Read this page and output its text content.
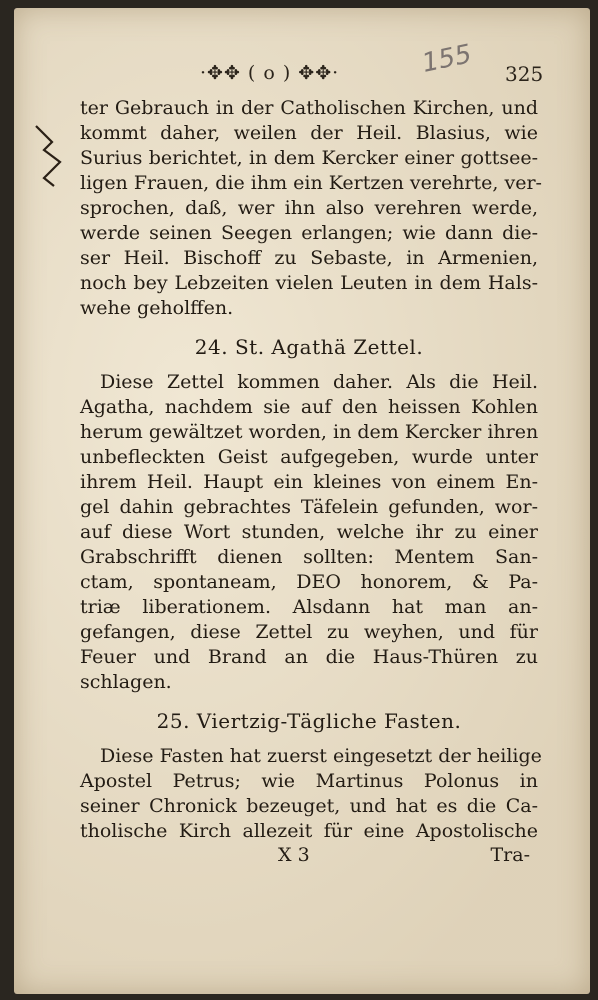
·✥✥ ( o ) ✥✥·	155 325
ter Gebrauch in der Catholischen Kirchen, und
kommt daher, weilen der Heil. Blasius, wie
Surius berichtet, in dem Kercker einer gottsee-
ligen Frauen, die ihm ein Kertzen verehrte, ver-
sprochen, daß, wer ihn also verehren werde,
werde seinen Seegen erlangen; wie dann die-
ser Heil. Bischoff zu Sebaste, in Armenien,
noch bey Lebzeiten vielen Leuten in dem Hals-
wehe geholffen.
24. St. Agathä Zettel.
Diese Zettel kommen daher. Als die Heil.
Agatha, nachdem sie auf den heissen Kohlen
herum gewältzet worden, in dem Kercker ihren
unbefleckten Geist aufgegeben, wurde unter
ihrem Heil. Haupt ein kleines von einem En-
gel dahin gebrachtes Täfelein gefunden, wor-
auf diese Wort stunden, welche ihr zu einer
Grabschrifft dienen sollten: Mentem San-
ctam, spontaneam, DEO honorem, & Pa-
triæ liberationem. Alsdann hat man an-
gefangen, diese Zettel zu weyhen, und für
Feuer und Brand an die Haus-Thüren zu
schlagen.
25. Viertzig-Tägliche Fasten.
Diese Fasten hat zuerst eingesetzt der heilige
Apostel Petrus; wie Martinus Polonus in
seiner Chronick bezeuget, und hat es die Ca-
tholische Kirch allezeit für eine Apostolische
X 3	Tra-
